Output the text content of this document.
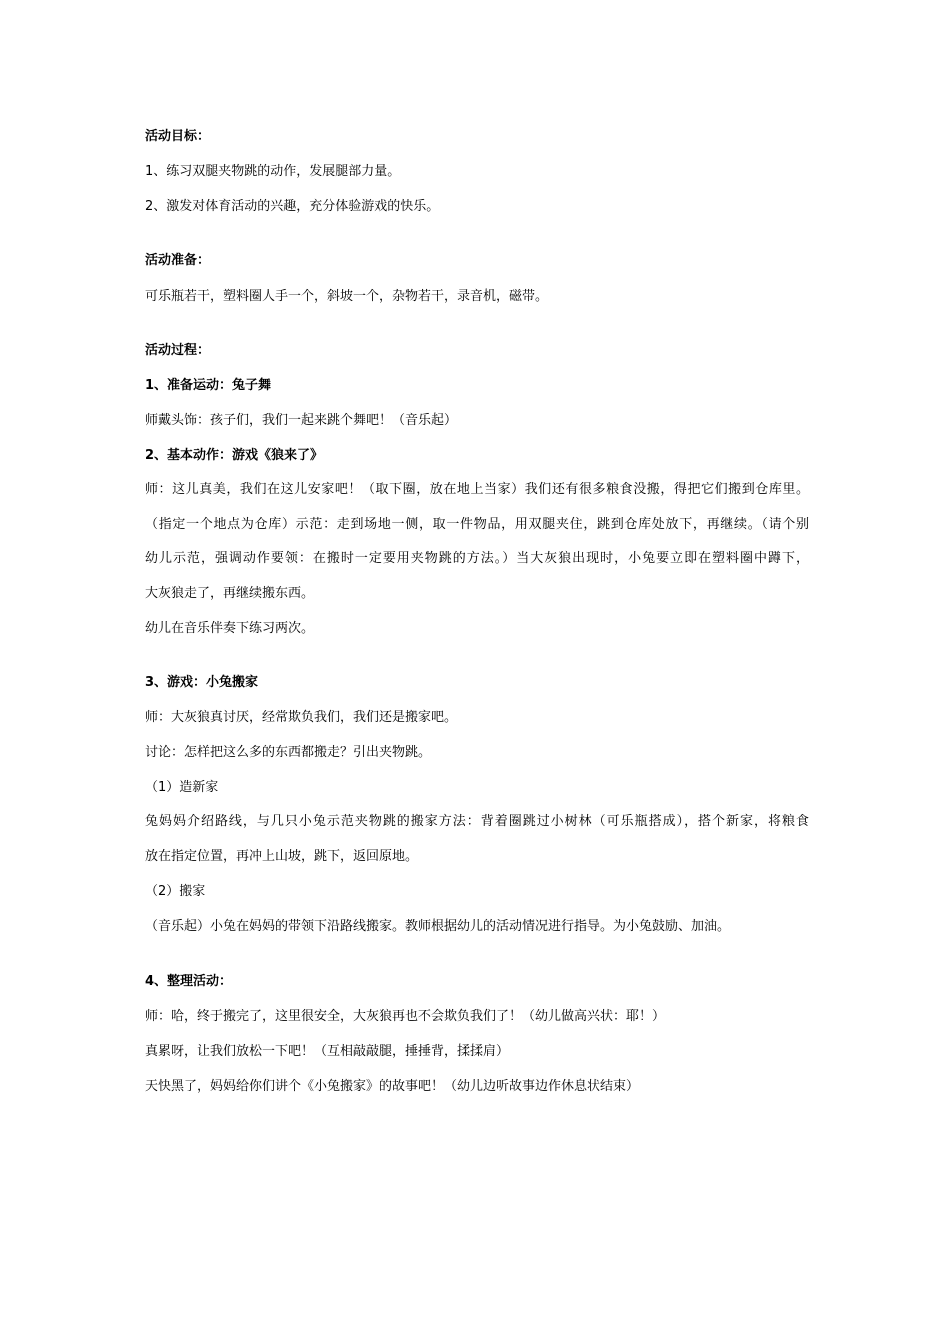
活动目标：
1、练习双腿夹物跳的动作，发展腿部力量。
2、激发对体育活动的兴趣，充分体验游戏的快乐。
活动准备：
可乐瓶若干，塑料圈人手一个，斜坡一个，杂物若干，录音机，磁带。
活动过程：
1、准备运动：兔子舞
师戴头饰：孩子们，我们一起来跳个舞吧！（音乐起）
2、基本动作：游戏《狼来了》
师：这儿真美，我们在这儿安家吧！（取下圈，放在地上当家）我们还有很多粮食没搬，得把它们搬到仓库里。
（指定一个地点为仓库）示范：走到场地一侧，取一件物品，用双腿夹住，跳到仓库处放下，再继续。（请个别
幼儿示范，强调动作要领：在搬时一定要用夹物跳的方法。）当大灰狼出现时，小兔要立即在塑料圈中蹲下，
大灰狼走了，再继续搬东西。
幼儿在音乐伴奏下练习两次。
3、游戏：小兔搬家
师：大灰狼真讨厌，经常欺负我们，我们还是搬家吧。
讨论：怎样把这么多的东西都搬走？引出夹物跳。
（1）造新家
兔妈妈介绍路线，与几只小兔示范夹物跳的搬家方法：背着圈跳过小树林（可乐瓶搭成），搭个新家，将粮食
放在指定位置，再冲上山坡，跳下，返回原地。
（2）搬家
（音乐起）小兔在妈妈的带领下沿路线搬家。教师根据幼儿的活动情况进行指导。为小兔鼓励、加油。
4、整理活动：
师：哈，终于搬完了，这里很安全，大灰狼再也不会欺负我们了！（幼儿做高兴状：耶！）
真累呀，让我们放松一下吧！（互相敲敲腿，捶捶背，揉揉肩）
天快黑了，妈妈给你们讲个《小兔搬家》的故事吧！（幼儿边听故事边作休息状结束）
